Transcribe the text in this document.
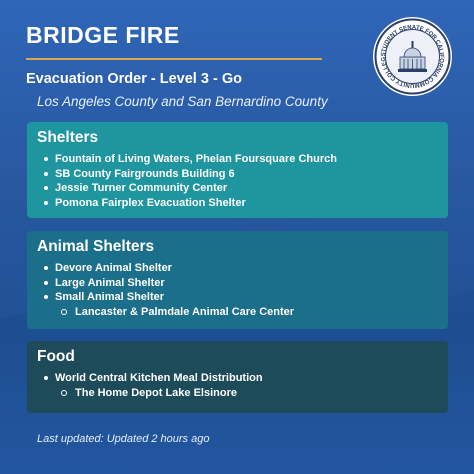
BRIDGE FIRE
STUDENT SENATE FOR CALIFORNIA COMMUNITY COLLEG
Evacuation Order - Level 3 - Go
Los Angeles County and San Bernardino County
Shelters
Fountain of Living Waters, Phelan Foursquare Church
SB County Fairgrounds Building 6
Jessie Turner Community Center
Pomona Fairplex Evacuation Shelter
Animal Shelters
Devore Animal Shelter
Large Animal Shelter
Small Animal Shelter
Lancaster & Palmdale Animal Care Center
Food
World Central Kitchen Meal Distribution
The Home Depot Lake Elsinore
Last updated: Updated 2 hours ago
